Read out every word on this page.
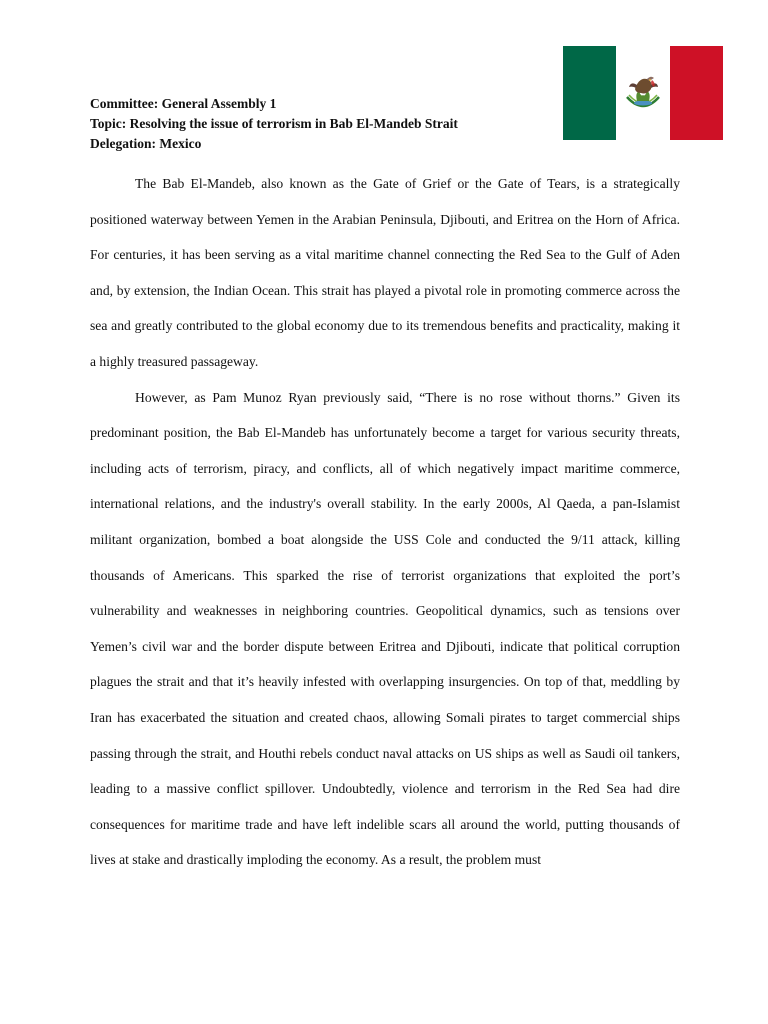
Committee: General Assembly 1
Topic: Resolving the issue of terrorism in Bab El-Mandeb Strait
Delegation: Mexico

The Bab El-Mandeb, also known as the Gate of Grief or the Gate of Tears, is a strategically positioned waterway between Yemen in the Arabian Peninsula, Djibouti, and Eritrea on the Horn of Africa. For centuries, it has been serving as a vital maritime channel connecting the Red Sea to the Gulf of Aden and, by extension, the Indian Ocean. This strait has played a pivotal role in promoting commerce across the sea and greatly contributed to the global economy due to its tremendous benefits and practicality, making it a highly treasured passageway.

However, as Pam Munoz Ryan previously said, “There is no rose without thorns.” Given its predominant position, the Bab El-Mandeb has unfortunately become a target for various security threats, including acts of terrorism, piracy, and conflicts, all of which negatively impact maritime commerce, international relations, and the industry's overall stability. In the early 2000s, Al Qaeda, a pan-Islamist militant organization, bombed a boat alongside the USS Cole and conducted the 9/11 attack, killing thousands of Americans. This sparked the rise of terrorist organizations that exploited the port’s vulnerability and weaknesses in neighboring countries. Geopolitical dynamics, such as tensions over Yemen’s civil war and the border dispute between Eritrea and Djibouti, indicate that political corruption plagues the strait and that it’s heavily infested with overlapping insurgencies. On top of that, meddling by Iran has exacerbated the situation and created chaos, allowing Somali pirates to target commercial ships passing through the strait, and Houthi rebels conduct naval attacks on US ships as well as Saudi oil tankers, leading to a massive conflict spillover. Undoubtedly, violence and terrorism in the Red Sea had dire consequences for maritime trade and have left indelible scars all around the world, putting thousands of lives at stake and drastically imploding the economy. As a result, the problem must
